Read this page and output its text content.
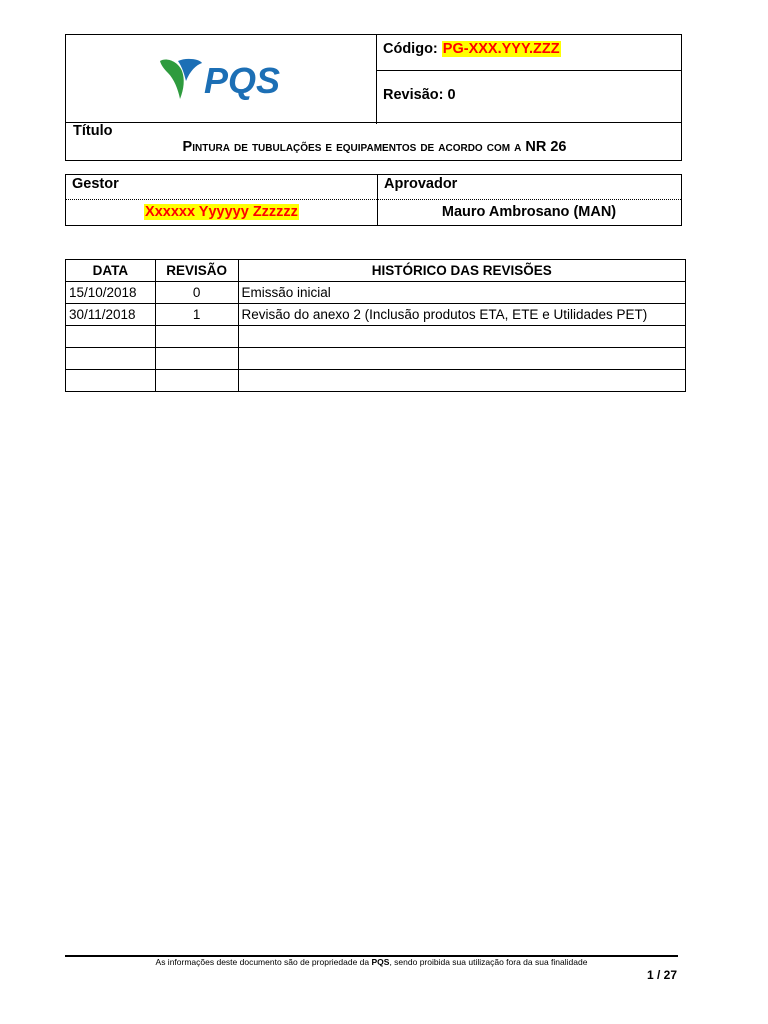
PQS
Código: PG-XXX.YYY.ZZZ
Revisão: 0
Título
Pintura de tubulações e equipamentos de acordo com a NR 26
Gestor	Aprovador
Xxxxxx Yyyyyy Zzzzzz	Mauro Ambrosano (MAN)
DATA	REVISÃO	HISTÓRICO DAS REVISÕES
15/10/2018	0	Emissão inicial
30/11/2018	1	Revisão do anexo 2 (Inclusão produtos ETA, ETE e Utilidades PET)

As informações deste documento são de propriedade da PQS, sendo proibida sua utilização fora da sua finalidade
1 / 27
